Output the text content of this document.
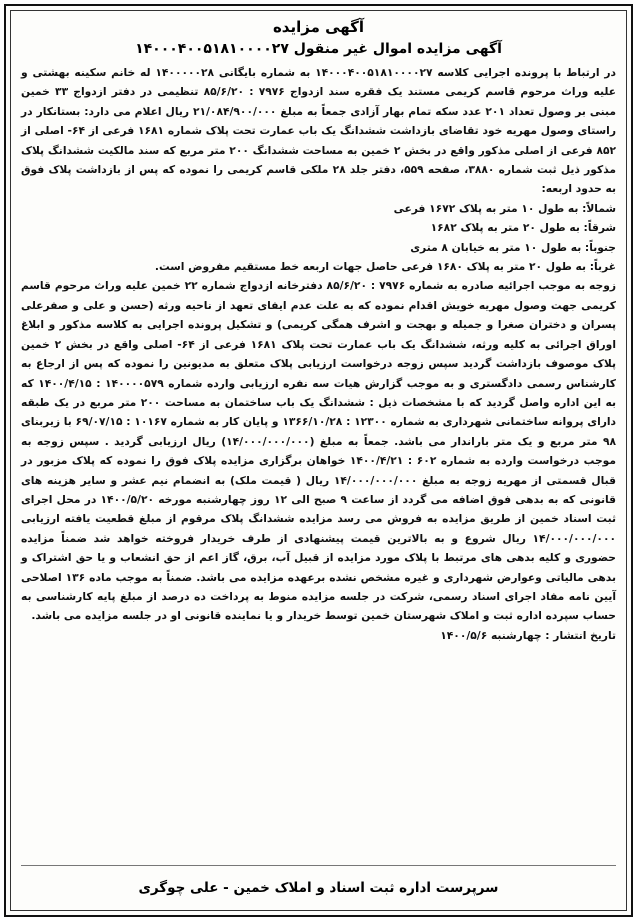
آگهی مزایده
آگهی مزایده اموال غیر منقول ۱۴۰۰۰۴۰۰۵۱۸۱۰۰۰۰۲۷

در ارتباط با پرونده اجرایی کلاسه ۱۴۰۰۰۴۰۰۵۱۸۱۰۰۰۰۲۷ به شماره بایگانی ۱۴۰۰۰۰۰۲۸ له خانم سکینه بهشتی و علیه وراث مرحوم قاسم کریمی مستند یک فقره سند ازدواج ۷۹۷۶ : ۸۵/۶/۲۰ تنظیمی در دفتر ازدواج ۳۳ خمین مبنی بر وصول تعداد ۲۰۱ عدد سکه تمام بهار آزادی جمعاً به مبلغ ۲۱/۰۸۴/۹۰۰/۰۰۰ ریال اعلام می دارد: بستانکار در راستای وصول مهریه خود تقاضای بازداشت ششدانگ یک باب عمارت تحت پلاک شماره ۱۶۸۱ فرعی از ۶۴- اصلی از ۸۵۲ فرعی از اصلی مذکور واقع در بخش ۲ خمین به مساحت ششدانگ ۲۰۰ متر مربع که سند مالکیت ششدانگ پلاک مذکور ذیل ثبت شماره ۳۸۸۰، صفحه ۵۵۹، دفتر جلد ۲۸ ملکی قاسم کریمی را نموده که پس از بازداشت پلاک فوق به حدود اربعه:

شمالاً: به طول ۱۰ متر به پلاک ۱۶۷۲ فرعی

شرقاً: به طول ۲۰ متر به پلاک ۱۶۸۲

جنوباً: به طول ۱۰ متر به خیابان ۸ متری

غرباً: به طول ۲۰ متر به پلاک ۱۶۸۰ فرعی حاصل جهات اربعه خط مستقیم مفروض است.

زوجه به موجب اجرائیه صادره به شماره ۷۹۷۶ : ۸۵/۶/۲۰ دفترخانه ازدواج شماره ۲۲ خمین علیه وراث مرحوم قاسم کریمی جهت وصول مهریه خویش اقدام نموده که به علت عدم ایفای تعهد از ناحیه ورثه (حسن و علی و صفرعلی پسران و دختران صغرا و جمیله و بهجت و اشرف همگی کریمی) و تشکیل پرونده اجرایی به کلاسه مذکور و ابلاغ اوراق اجرائی به کلیه ورثه، ششدانگ یک باب عمارت تحت پلاک ۱۶۸۱ فرعی از ۶۴- اصلی واقع در بخش ۲ خمین پلاک موصوف بازداشت گردید سپس زوجه درخواست ارزیابی پلاک متعلق به مدیونین را نموده که پس از ارجاع به کارشناس رسمی دادگستری و به موجب گزارش هیات سه نفره ارزیابی وارده شماره ۱۴۰۰۰۰۵۷۹ : ۱۴۰۰/۴/۱۵ که به این اداره واصل گردید که با مشخصات ذیل : ششدانگ یک باب ساختمان به مساحت ۲۰۰ متر مربع در یک طبقه دارای پروانه ساختمانی شهرداری به شماره ۱۲۳۰۰ : ۱۳۶۶/۱۰/۲۸ و پایان کار به شماره ۱۰۱۶۷ : ۶۹/۰۷/۱۵ با زیربنای ۹۸ متر مربع و یک متر باراندار می باشد. جمعاً به مبلغ (۱۴/۰۰۰/۰۰۰/۰۰۰) ریال ارزیابی گردید . سپس زوجه به موجب درخواست وارده به شماره ۶۰۲ : ۱۴۰۰/۴/۲۱ خواهان برگزاری مزایده پلاک فوق را نموده که پلاک مزبور در قبال قسمتی از مهریه زوجه به مبلغ ۱۴/۰۰۰/۰۰۰/۰۰۰ ریال ( قیمت ملک) به انضمام نیم عشر و سایر هزینه های قانونی که به بدهی فوق اضافه می گردد از ساعت ۹ صبح الی ۱۲ روز چهارشنبه مورخه ۱۴۰۰/۵/۲۰ در محل اجرای ثبت اسناد خمین از طریق مزایده به فروش می رسد مزایده ششدانگ پلاک مرقوم از مبلغ قطعیت یافته ارزیابی ۱۴/۰۰۰/۰۰۰/۰۰۰ ریال شروع و به بالاترین قیمت پیشنهادی از طرف خریدار فروخته خواهد شد ضمناً مزایده حضوری و کلیه بدهی های مرتبط با پلاک مورد مزایده از قبیل آب، برق، گاز اعم از حق انشعاب و یا حق اشتراک و بدهی مالیاتی وعوارض شهرداری و غیره مشخص نشده برعهده مزایده می باشد. ضمناً به موجب ماده ۱۳۶ اصلاحی آیین نامه مفاد اجرای اسناد رسمی، شرکت در جلسه مزایده منوط به پرداخت ده درصد از مبلغ پایه کارشناسی به حساب سپرده اداره ثبت و املاک شهرستان خمین توسط خریدار و یا نماینده قانونی او در جلسه مزایده می باشد.

تاریخ انتشار : چهارشنبه ۱۴۰۰/۵/۶

سرپرست اداره ثبت اسناد و املاک خمین - علی چوگری
